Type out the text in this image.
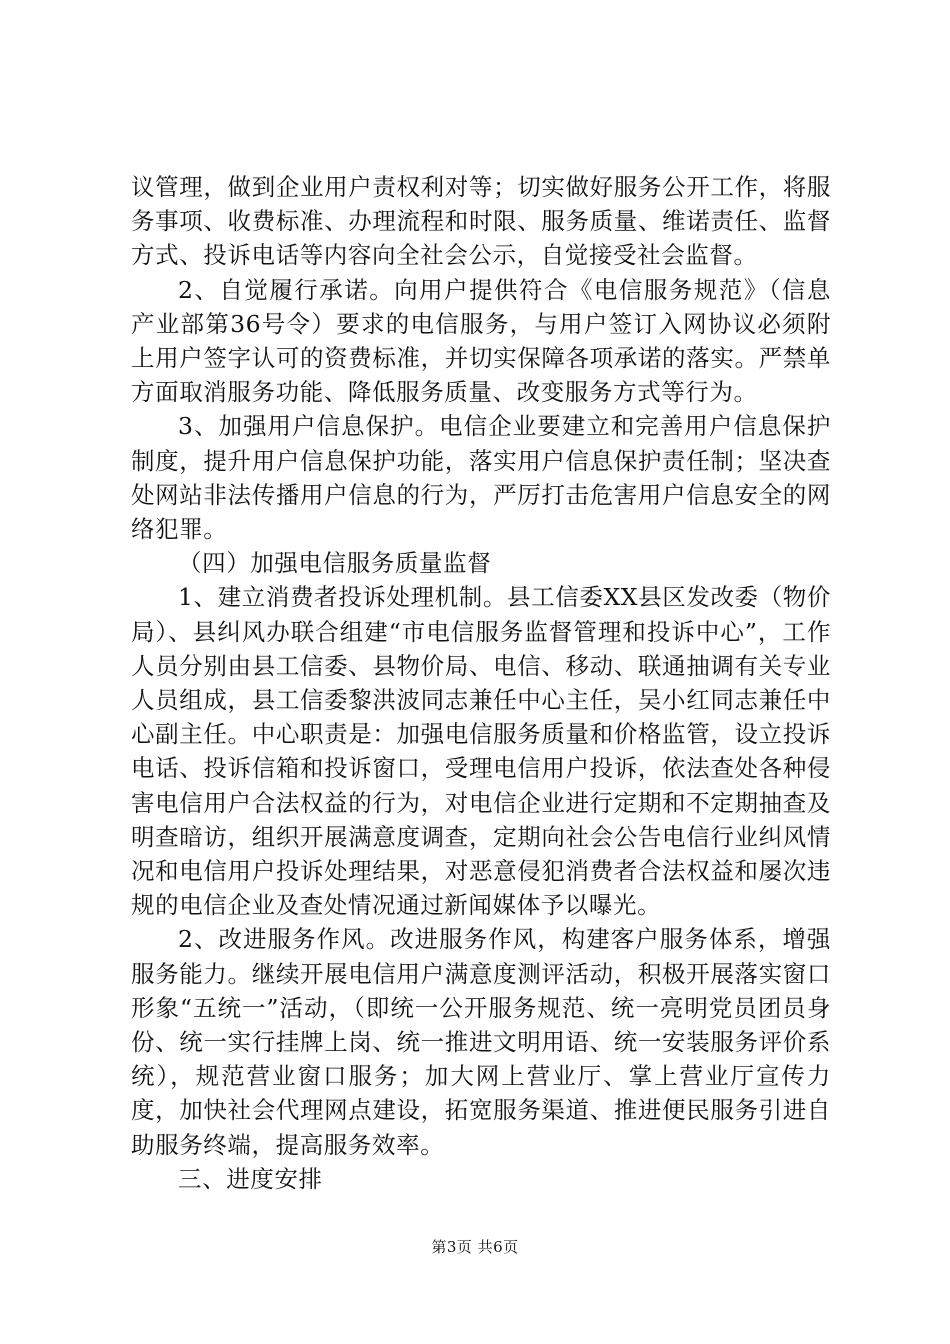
议管理，做到企业用户责权利对等；切实做好服务公开工作，将服务事项、收费标准、办理流程和时限、服务质量、维诺责任、监督方式、投诉电话等内容向全社会公示，自觉接受社会监督。

2、自觉履行承诺。向用户提供符合《电信服务规范》（信息产业部第36号令）要求的电信服务，与用户签订入网协议必须附上用户签字认可的资费标准，并切实保障各项承诺的落实。严禁单方面取消服务功能、降低服务质量、改变服务方式等行为。

3、加强用户信息保护。电信企业要建立和完善用户信息保护制度，提升用户信息保护功能，落实用户信息保护责任制；坚决查处网站非法传播用户信息的行为，严厉打击危害用户信息安全的网络犯罪。

（四）加强电信服务质量监督

1、建立消费者投诉处理机制。县工信委XX县区发改委（物价局）、县纠风办联合组建“市电信服务监督管理和投诉中心”，工作人员分别由县工信委、县物价局、电信、移动、联通抽调有关专业人员组成，县工信委黎洪波同志兼任中心主任，吴小红同志兼任中心副主任。中心职责是：加强电信服务质量和价格监管，设立投诉电话、投诉信箱和投诉窗口，受理电信用户投诉，依法查处各种侵害电信用户合法权益的行为，对电信企业进行定期和不定期抽查及明查暗访，组织开展满意度调查，定期向社会公告电信行业纠风情况和电信用户投诉处理结果，对恶意侵犯消费者合法权益和屡次违规的电信企业及查处情况通过新闻媒体予以曝光。

2、改进服务作风。改进服务作风，构建客户服务体系，增强服务能力。继续开展电信用户满意度测评活动，积极开展落实窗口形象“五统一”活动，（即统一公开服务规范、统一亮明党员团员身份、统一实行挂牌上岗、统一推进文明用语、统一安装服务评价系统），规范营业窗口服务；加大网上营业厅、掌上营业厅宣传力度，加快社会代理网点建设，拓宽服务渠道、推进便民服务引进自助服务终端，提高服务效率。

三、进度安排

第3页 共6页
